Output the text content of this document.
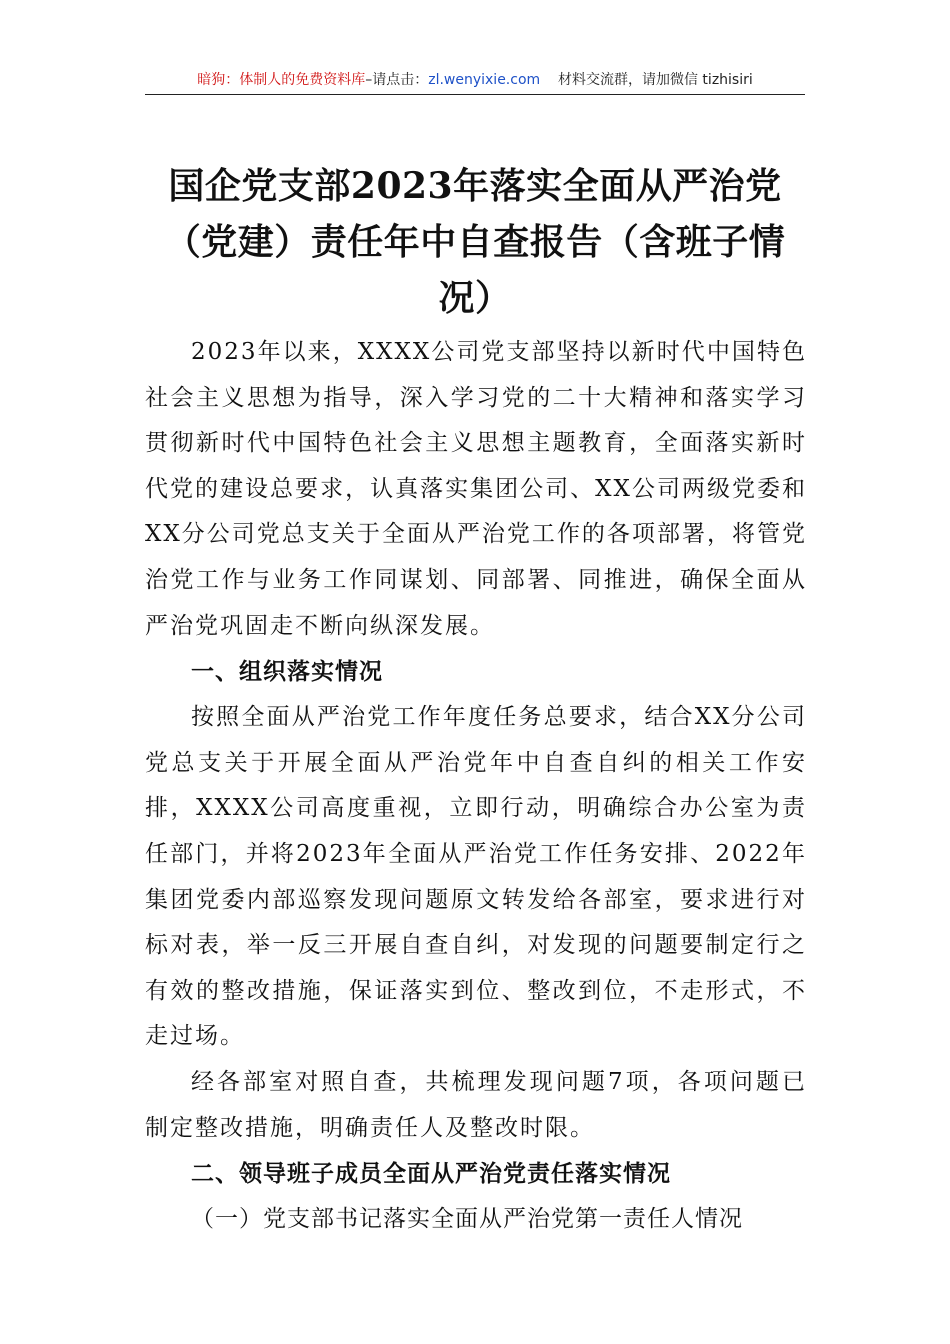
暗狗：体制人的免费资料库–请点击：zl.wenyixie.com 材料交流群，请加微信 tizhisiri
国企党支部2023年落实全面从严治党（党建）责任年中自查报告（含班子情况）

2023年以来，XXXX公司党支部坚持以新时代中国特色社会主义思想为指导，深入学习党的二十大精神和落实学习贯彻新时代中国特色社会主义思想主题教育，全面落实新时代党的建设总要求，认真落实集团公司、XX公司两级党委和XX分公司党总支关于全面从严治党工作的各项部署，将管党治党工作与业务工作同谋划、同部署、同推进，确保全面从严治党巩固走不断向纵深发展。

一、组织落实情况

按照全面从严治党工作年度任务总要求，结合XX分公司党总支关于开展全面从严治党年中自查自纠的相关工作安排，XXXX公司高度重视，立即行动，明确综合办公室为责任部门，并将2023年全面从严治党工作任务安排、2022年集团党委内部巡察发现问题原文转发给各部室，要求进行对标对表，举一反三开展自查自纠，对发现的问题要制定行之有效的整改措施，保证落实到位、整改到位，不走形式，不走过场。

经各部室对照自查，共梳理发现问题7项，各项问题已制定整改措施，明确责任人及整改时限。

二、领导班子成员全面从严治党责任落实情况

（一）党支部书记落实全面从严治党第一责任人情况
